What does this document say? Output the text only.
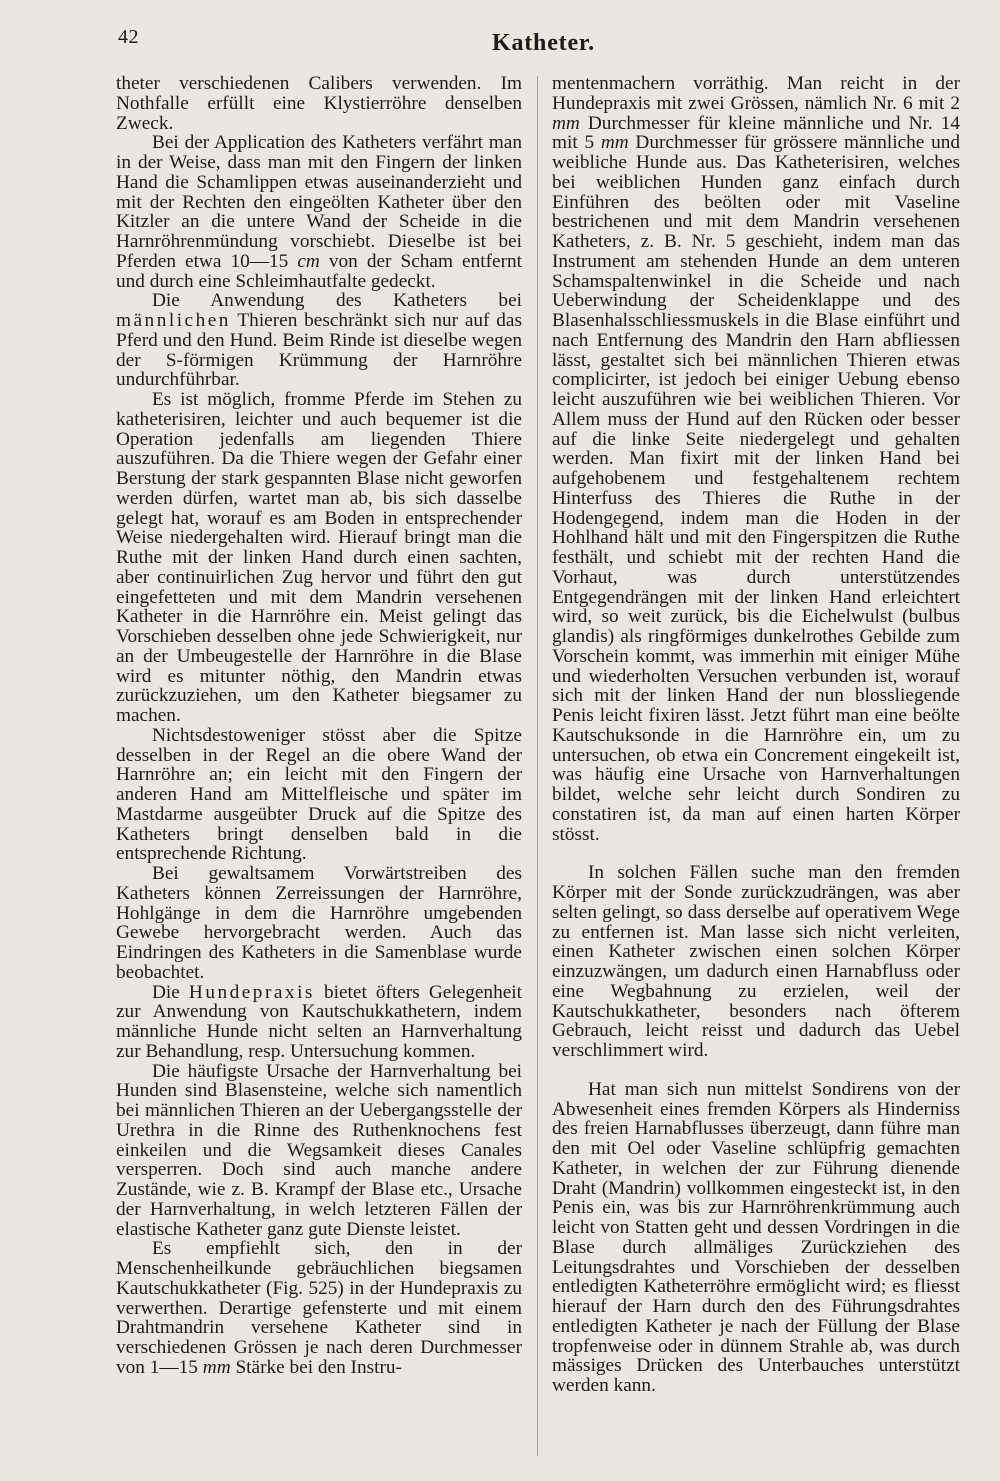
42	Katheter.

theter verschiedenen Calibers verwenden. Im Nothfalle erfüllt eine Klystierröhre denselben Zweck.

Bei der Application des Katheters verfährt man in der Weise, dass man mit den Fingern der linken Hand die Schamlippen etwas auseinanderzieht und mit der Rechten den eingeölten Katheter über den Kitzler an die untere Wand der Scheide in die Harnröhrenmündung vorschiebt. Dieselbe ist bei Pferden etwa 10—15 cm von der Scham entfernt und durch eine Schleimhautfalte gedeckt.

Die Anwendung des Katheters bei männlichen Thieren beschränkt sich nur auf das Pferd und den Hund. Beim Rinde ist dieselbe wegen der S-förmigen Krümmung der Harnröhre undurchführbar.

Es ist möglich, fromme Pferde im Stehen zu katheterisiren, leichter und auch bequemer ist die Operation jedenfalls am liegenden Thiere auszuführen. Da die Thiere wegen der Gefahr einer Berstung der stark gespannten Blase nicht geworfen werden dürfen, wartet man ab, bis sich dasselbe gelegt hat, worauf es am Boden in entsprechender Weise niedergehalten wird. Hierauf bringt man die Ruthe mit der linken Hand durch einen sachten, aber continuirlichen Zug hervor und führt den gut eingefetteten und mit dem Mandrin versehenen Katheter in die Harnröhre ein. Meist gelingt das Vorschieben desselben ohne jede Schwierigkeit, nur an der Umbeugestelle der Harnröhre in die Blase wird es mitunter nöthig, den Mandrin etwas zurückzuziehen, um den Katheter biegsamer zu machen.

Nichtsdestoweniger stösst aber die Spitze desselben in der Regel an die obere Wand der Harnröhre an; ein leicht mit den Fingern der anderen Hand am Mittelfleische und später im Mastdarme ausgeübter Druck auf die Spitze des Katheters bringt denselben bald in die entsprechende Richtung.

Bei gewaltsamem Vorwärtstreiben des Katheters können Zerreissungen der Harnröhre, Hohlgänge in dem die Harnröhre umgebenden Gewebe hervorgebracht werden. Auch das Eindringen des Katheters in die Samenblase wurde beobachtet.

Die Hundepraxis bietet öfters Gelegenheit zur Anwendung von Kautschukkathetern, indem männliche Hunde nicht selten an Harnverhaltung zur Behandlung, resp. Untersuchung kommen.

Die häufigste Ursache der Harnverhaltung bei Hunden sind Blasensteine, welche sich namentlich bei männlichen Thieren an der Uebergangsstelle der Urethra in die Rinne des Ruthenknochens fest einkeilen und die Wegsamkeit dieses Canales versperren. Doch sind auch manche andere Zustände, wie z. B. Krampf der Blase etc., Ursache der Harnverhaltung, in welch letzteren Fällen der elastische Katheter ganz gute Dienste leistet.

Es empfiehlt sich, den in der Menschenheilkunde gebräuchlichen biegsamen Kautschukkatheter (Fig. 525) in der Hundepraxis zu verwerthen. Derartige gefensterte und mit einem Drahtmandrin versehene Katheter sind in verschiedenen Grössen je nach deren Durchmesser von 1—15 mm Stärke bei den Instru-

mentenmachern vorräthig. Man reicht in der Hundepraxis mit zwei Grössen, nämlich Nr. 6 mit 2 mm Durchmesser für kleine männliche und Nr. 14 mit 5 mm Durchmesser für grössere männliche und weibliche Hunde aus. Das Katheterisiren, welches bei weiblichen Hunden ganz einfach durch Einführen des beölten oder mit Vaseline bestrichenen und mit dem Mandrin versehenen Katheters, z. B. Nr. 5 geschieht, indem man das Instrument am stehenden Hunde an dem unteren Schamspaltenwinkel in die Scheide und nach Ueberwindung der Scheidenklappe und des Blasenhalsschliessmuskels in die Blase einführt und nach Entfernung des Mandrin den Harn abfliessen lässt, gestaltet sich bei männlichen Thieren etwas complicirter, ist jedoch bei einiger Uebung ebenso leicht auszuführen wie bei weiblichen Thieren. Vor Allem muss der Hund auf den Rücken oder besser auf die linke Seite niedergelegt und gehalten werden. Man fixirt mit der linken Hand bei aufgehobenem und festgehaltenem rechtem Hinterfuss des Thieres die Ruthe in der Hodengegend, indem man die Hoden in der Hohlhand hält und mit den Fingerspitzen die Ruthe festhält, und schiebt mit der rechten Hand die Vorhaut, was durch unterstützendes Entgegendrängen mit der linken Hand erleichtert wird, so weit zurück, bis die Eichelwulst (bulbus glandis) als ringförmiges dunkelrothes Gebilde zum Vorschein kommt, was immerhin mit einiger Mühe und wiederholten Versuchen verbunden ist, worauf sich mit der linken Hand der nun blossliegende Penis leicht fixiren lässt. Jetzt führt man eine beölte Kautschuksonde in die Harnröhre ein, um zu untersuchen, ob etwa ein Concrement eingekeilt ist, was häufig eine Ursache von Harnverhaltungen bildet, welche sehr leicht durch Sondiren zu constatiren ist, da man auf einen harten Körper stösst.

In solchen Fällen suche man den fremden Körper mit der Sonde zurückzudrängen, was aber selten gelingt, so dass derselbe auf operativem Wege zu entfernen ist. Man lasse sich nicht verleiten, einen Katheter zwischen einen solchen Körper einzuzwängen, um dadurch einen Harnabfluss oder eine Wegbahnung zu erzielen, weil der Kautschukkatheter, besonders nach öfterem Gebrauch, leicht reisst und dadurch das Uebel verschlimmert wird.

Hat man sich nun mittelst Sondirens von der Abwesenheit eines fremden Körpers als Hinderniss des freien Harnabflusses überzeugt, dann führe man den mit Oel oder Vaseline schlüpfrig gemachten Katheter, in welchen der zur Führung dienende Draht (Mandrin) vollkommen eingesteckt ist, in den Penis ein, was bis zur Harnröhrenkrümmung auch leicht von Statten geht und dessen Vordringen in die Blase durch allmäliges Zurückziehen des Leitungsdrahtes und Vorschieben der desselben entledigten Katheterröhre ermöglicht wird; es fliesst hierauf der Harn durch den des Führungsdrahtes entledigten Katheter je nach der Füllung der Blase tropfenweise oder in dünnem Strahle ab, was durch mässiges Drücken des Unterbauches unterstützt werden kann.
